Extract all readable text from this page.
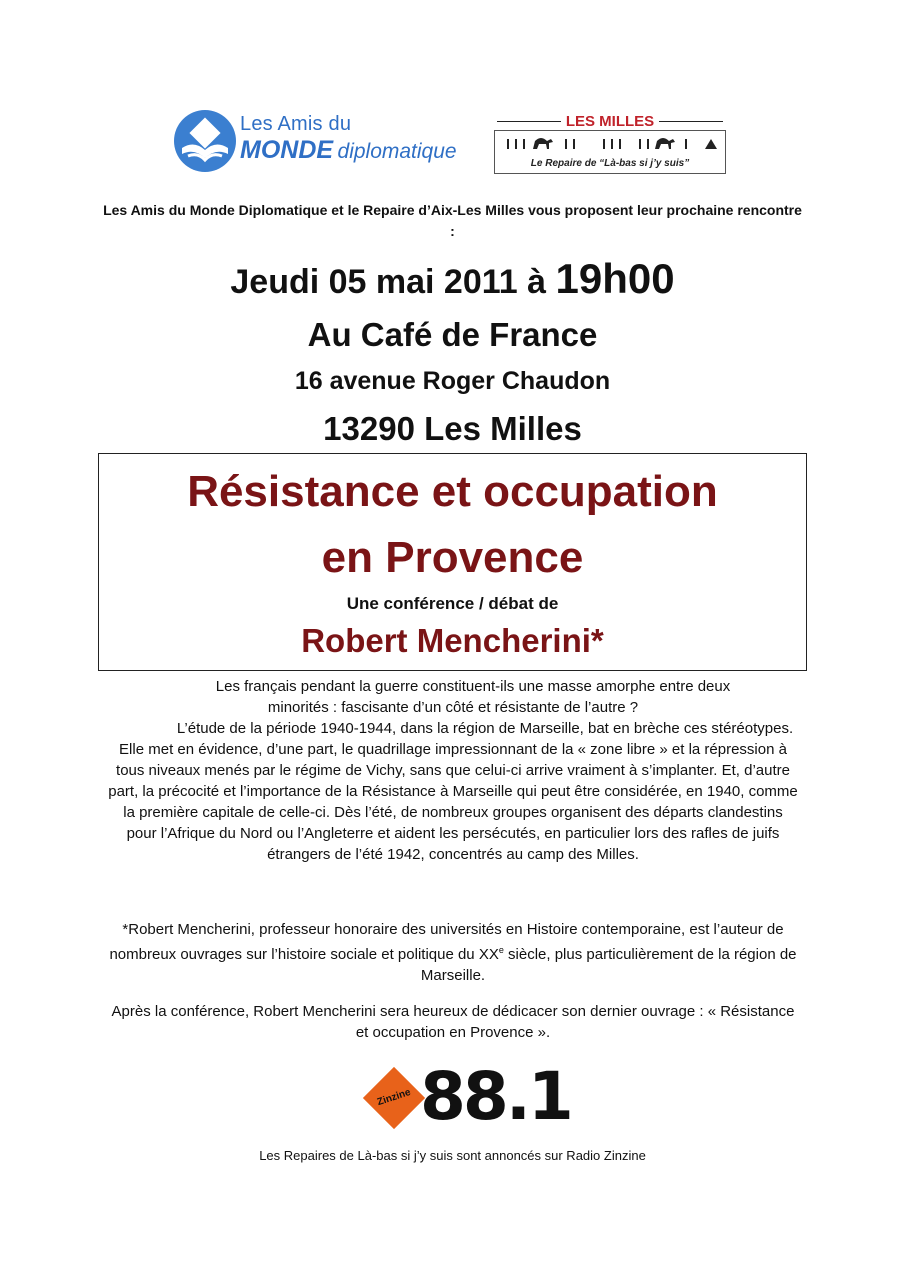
Les Amis du
MONDE diplomatique
LES MILLES
Le Repaire de “Là-bas si j’y suis”
Les Amis du Monde Diplomatique et le Repaire d’Aix-Les Milles vous proposent leur prochaine rencontre :
Jeudi 05 mai 2011 à 19h00
Au Café de France
16 avenue Roger Chaudon
13290 Les Milles
Résistance et occupation
en Provence
Une conférence / débat de
Robert Mencherini*

Les français pendant la guerre constituent-ils une masse amorphe entre deux

minorités : fascisante d’un côté et résistante de l’autre ?

L’étude de la période 1940-1944, dans la région de Marseille, bat en brèche ces stéréotypes. Elle met en évidence, d’une part, le quadrillage impressionnant de la « zone libre » et la répression à tous niveaux menés par le régime de Vichy, sans que celui-ci arrive vraiment à s’implanter. Et, d’autre part, la précocité et l’importance de la Résistance à Marseille qui peut être considérée, en 1940, comme la première capitale de celle-ci. Dès l’été, de nombreux groupes organisent des départs clandestins pour l’Afrique du Nord ou l’Angleterre et aident les persécutés, en particulier lors des rafles de juifs étrangers de l’été 1942, concentrés au camp des Milles.

*Robert Mencherini, professeur honoraire des universités en Histoire contemporaine, est l’auteur de nombreux ouvrages sur l’histoire sociale et politique du XXe siècle, plus particulièrement de la région de Marseille.

Après la conférence, Robert Mencherini sera heureux de dédicacer son dernier ouvrage : « Résistance et occupation en Provence ».
Zinzine 88.1
Les Repaires de Là-bas si j’y suis sont annoncés sur Radio Zinzine
